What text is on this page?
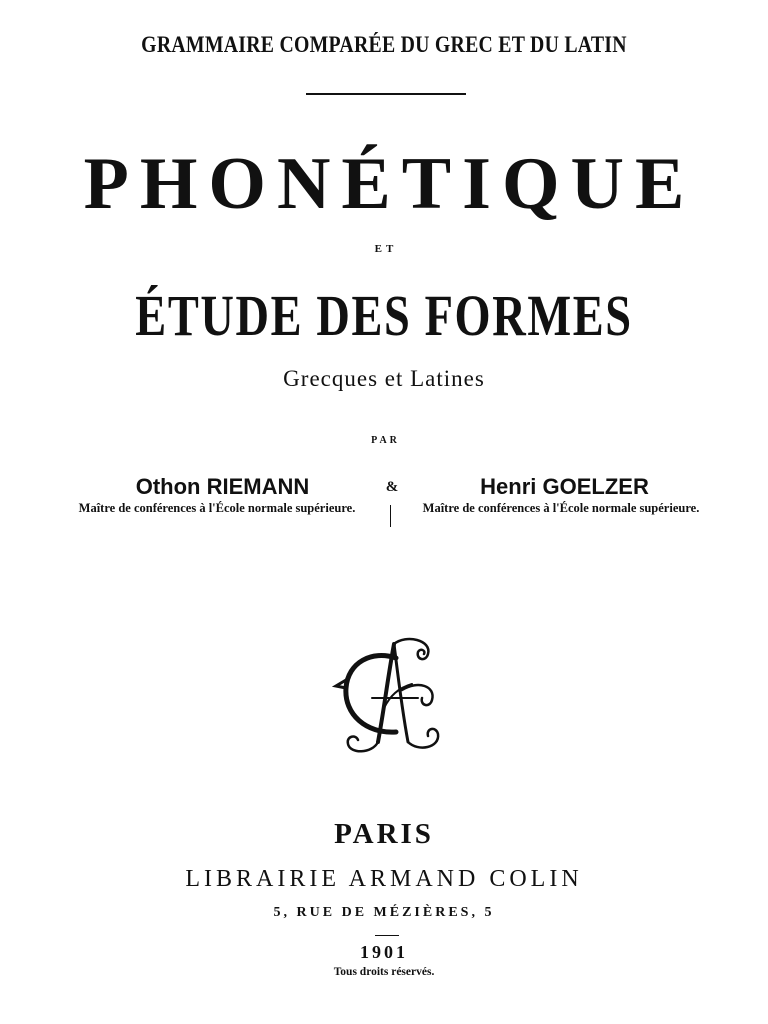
GRAMMAIRE COMPARÉE DU GREC ET DU LATIN
PHONÉTIQUE
ET
ÉTUDE DES FORMES
Grecques et Latines
PAR
Othon RIEMANN	&	Henri GOELZER
Maître de conférences à l'École normale supérieure.	Maître de conférences à l'École normale supérieure.
PARIS
LIBRAIRIE ARMAND COLIN
5, RUE DE MÉZIÈRES, 5
1901
Tous droits réservés.
